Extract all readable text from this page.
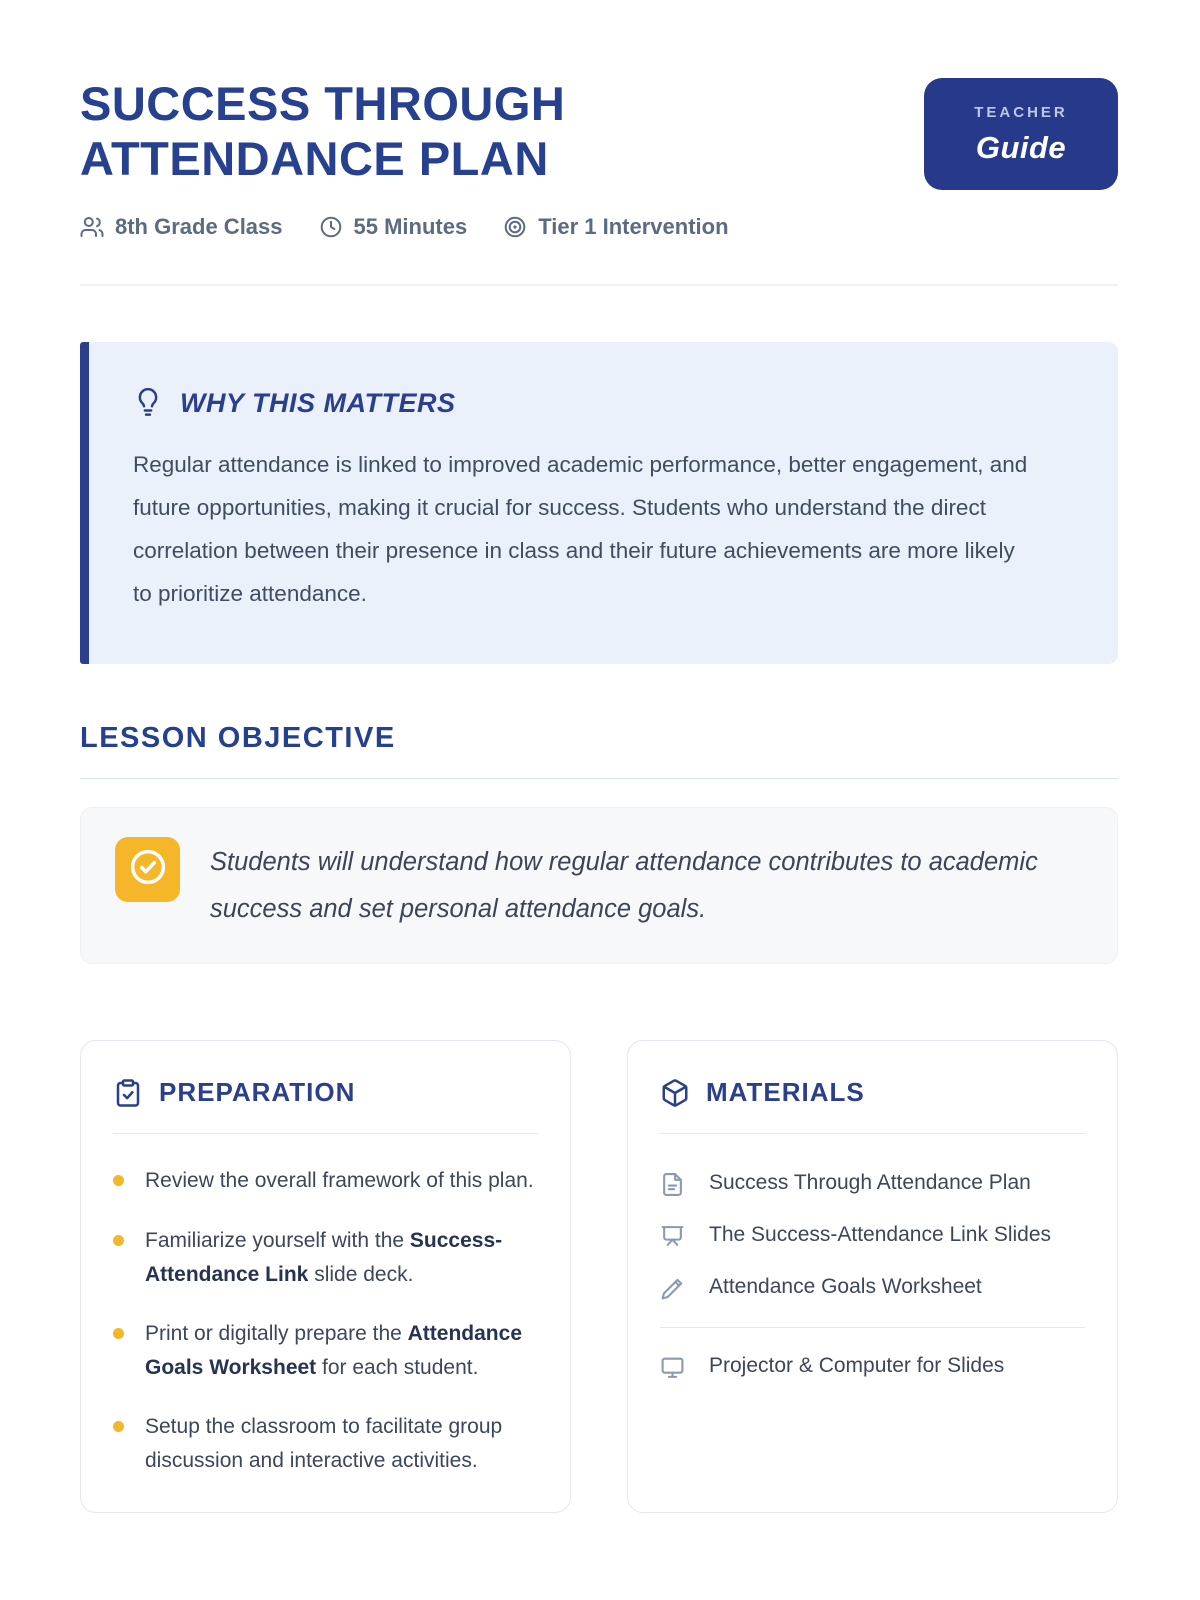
SUCCESS THROUGH ATTENDANCE PLAN
8th Grade Class	55 Minutes	Tier 1 Intervention
TEACHER
Guide
WHY THIS MATTERS

Regular attendance is linked to improved academic performance, better engagement, and future opportunities, making it crucial for success. Students who understand the direct correlation between their presence in class and their future achievements are more likely to prioritize attendance.

LESSON OBJECTIVE

Students will understand how regular attendance contributes to academic success and set personal attendance goals.

PREPARATION

Review the overall framework of this plan.

Familiarize yourself with the Success-Attendance Link slide deck.

Print or digitally prepare the Attendance Goals Worksheet for each student.

Setup the classroom to facilitate group discussion and interactive activities.

MATERIALS
Success Through Attendance Plan
The Success-Attendance Link Slides
Attendance Goals Worksheet
Projector & Computer for Slides
